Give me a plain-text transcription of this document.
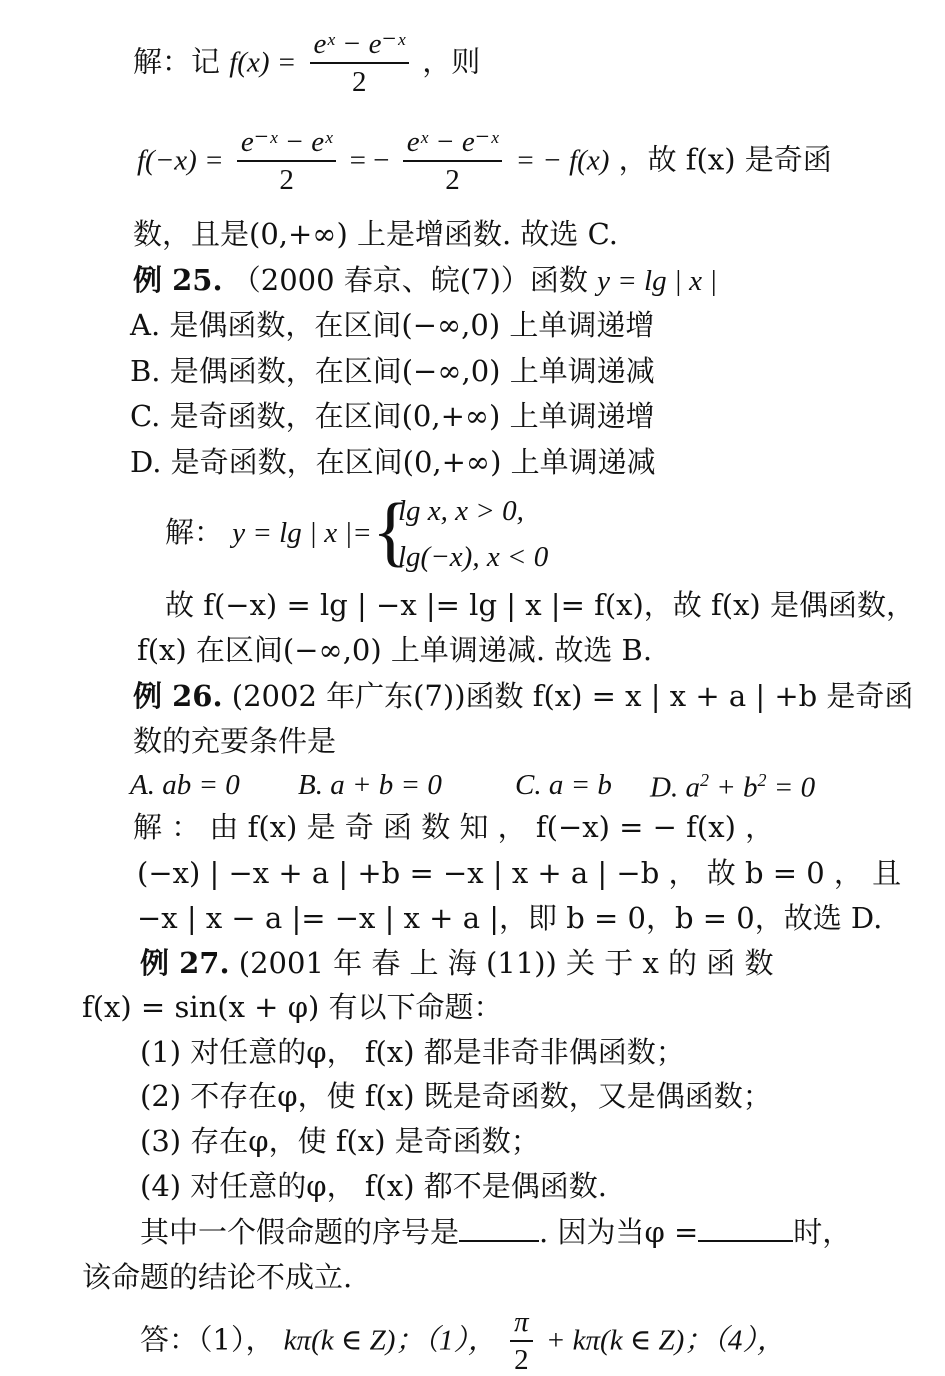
解：记 $f(x) = \frac{\text{eˣ − e⁻ˣ}}{2}$ ，则
$f(-x) = \frac{\text{e⁻ˣ − eˣ}}{2}$ = − $\frac{\text{eˣ − e⁻ˣ}}{2}$ = − f(x) ，故 f(x) 是奇函
数，且是(0,+∞) 上是增函数. 故选 C.
例 25. （2000 春京、皖(7)）函数 y = lg | x |
A. 是偶函数，在区间(−∞,0) 上单调递增
B. 是偶函数，在区间(−∞,0) 上单调递减
C. 是奇函数，在区间(0,+∞) 上单调递增
D. 是奇函数，在区间(0,+∞) 上单调递减
解： y = lg | x |= {
lg x, x > 0,
lg(−x), x < 0
故 f(−x) = lg | −x |= lg | x |= f(x)，故 f(x) 是偶函数，
f(x) 在区间(−∞,0) 上单调递减. 故选 B.
例 26. (2002 年广东(7))函数 f(x) = x | x + a | +b 是奇函
数的充要条件是
A. ab = 0 B. a + b = 0	C. a = b D. $a^2 + b^2 = 0$
解 ： 由 f(x) 是 奇 函 数 知 ， f(−x) = − f(x) ，
(−x) | −x + a | +b = −x | x + a | −b ， 故 b = 0 ， 且
−x | x − a |= −x | x + a |，即 b = 0，b = 0，故选 D.
例 27. (2001 年 春 上 海 (11)) 关 于 x 的 函 数
f(x) = sin(x + φ) 有以下命题：
(1) 对任意的φ， f(x) 都是非奇非偶函数；
(2) 不存在φ，使 f(x) 既是奇函数，又是偶函数；
(3) 存在φ，使 f(x) 是奇函数；
(4) 对任意的φ， f(x) 都不是偶函数.
其中一个假命题的序号是	. 因为当φ =	时，
该命题的结论不成立.
答：（1）， kπ(k ∈ Z)；（1）， $\frac{\pi}{2} + k\pi(k$ ∈ Z)；（4），
